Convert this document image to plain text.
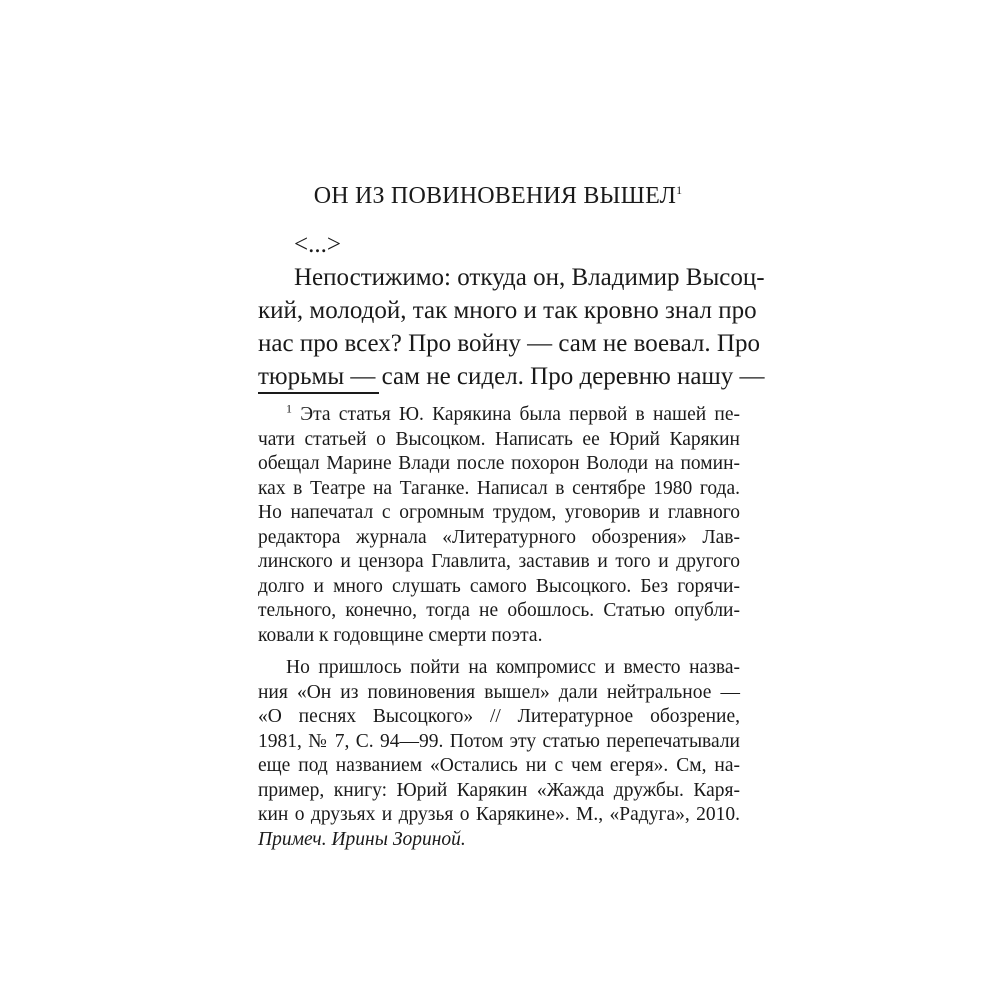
ОН ИЗ ПОВИНОВЕНИЯ $ВЫШЕЛ^1$
<...>
Непостижимо: откуда он, Владимир Высоц-
кий, молодой, так много и так кровно знал про
нас про всех? Про войну — сам не воевал. Про
тюрьмы — сам не сидел. Про деревню нашу —
$^1$ Эта статья Ю. Карякина была первой в нашей пе-
чати статьей о Высоцком. Написать ее Юрий Карякин
обещал Марине Влади после похорон Володи на помин-
ках в Театре на Таганке. Написал в сентябре 1980 года.
Но напечатал с огромным трудом, уговорив и главного
редактора журнала «Литературного обозрения» Лав-
линского и цензора Главлита, заставив и того и другого
долго и много слушать самого Высоцкого. Без горячи-
тельного, конечно, тогда не обошлось. Статью опубли-
ковали к годовщине смерти поэта.
Но пришлось пойти на компромисс и вместо назва-
ния «Он из повиновения вышел» дали нейтральное —
«О песнях Высоцкого» // Литературное обозрение,
1981, № 7, С. 94—99. Потом эту статью перепечатывали
еще под названием «Остались ни с чем егеря». См, на-
пример, книгу: Юрий Карякин «Жажда дружбы. Каря-
кин о друзьях и друзья о Карякине». М., «Радуга», 2010.
Примеч. Ирины Зориной.
